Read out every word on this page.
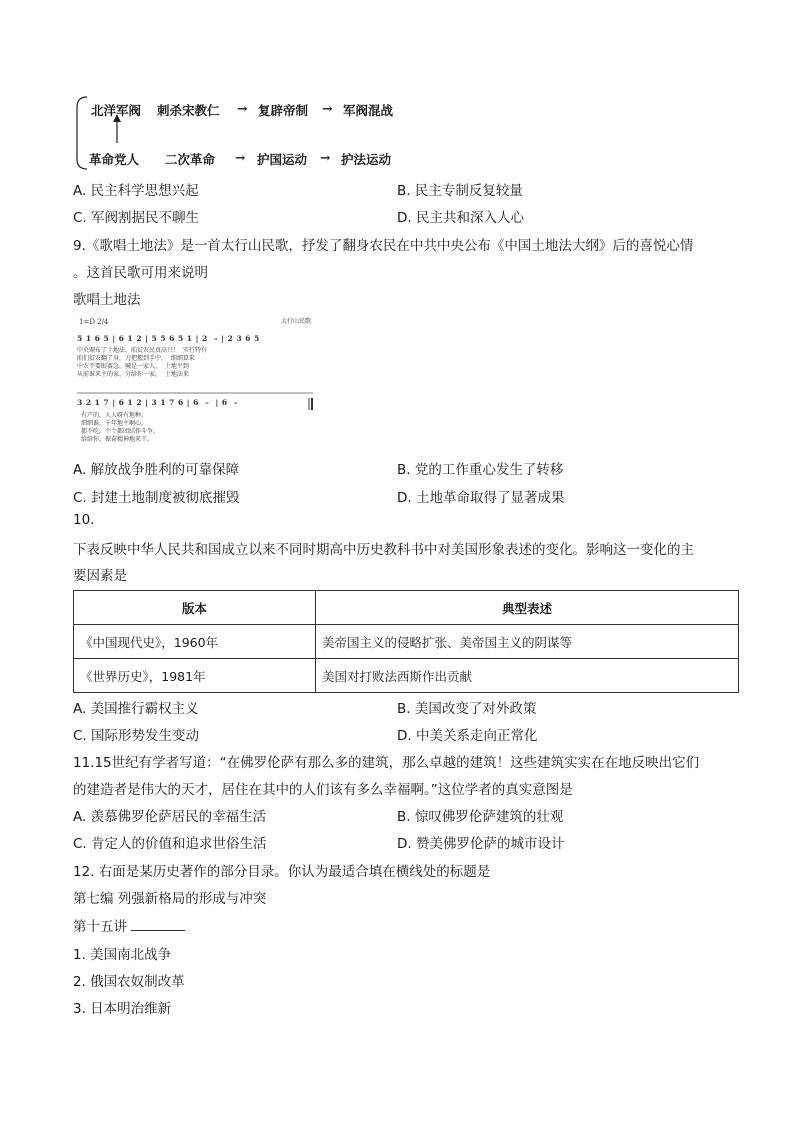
北洋军阀 刺杀宋教仁 → 复辟帝制 → 军阀混战
革命党人 二次革命 → 护国运动 → 护法运动
A. 民主科学思想兴起	B. 民主专制反复较量
C. 军阀割据民不聊生	D. 民主共和深入人心
9.《歌唱土地法》是一首太行山民歌，抒发了翻身农民在中共中央公布《中国土地法大纲》后的喜悦心情
。这首民歌可用来说明
歌唱土地法
1=D 2/4	太行山民歌
5 1 6 5 | 6 1 2 | 5 5 6 5 1 | 2  – | 2 3 6 5
中央颁布了土地法，咱贫农民真高兴！  实行特有
咱们贫农翻了身，刀把握到手中，  细细算来
中农不要眼赛急，喊是一家人，  土地平到
从前谁来主的家，分给你一家，  土地法来
3 2 1 7 | 6 1 2 | 3 1 7 6 | 6  –  | 6  –
有产的，人人呀有地种。
细细谁，千年地主啊心，
都不吃，个个都团结作斗争，
给给你，振奋精神地来干。
A. 解放战争胜利的可靠保障	B. 党的工作重心发生了转移
C. 封建土地制度被彻底摧毁	D. 土地革命取得了显著成果
10.
下表反映中华人民共和国成立以来不同时期高中历史教科书中对美国形象表述的变化。影响这一变化的主
要因素是
版本	典型表述
《中国现代史》，1960年	美帝国主义的侵略扩张、美帝国主义的阴谋等
《世界历史》，1981年	美国对打败法西斯作出贡献
A. 美国推行霸权主义	B. 美国改变了对外政策
C. 国际形势发生变动	D. 中美关系走向正常化
11.15世纪有学者写道：“在佛罗伦萨有那么多的建筑，那么卓越的建筑！这些建筑实实在在地反映出它们
的建造者是伟大的天才，居住在其中的人们该有多么幸福啊。”这位学者的真实意图是
A. 羡慕佛罗伦萨居民的幸福生活	B. 惊叹佛罗伦萨建筑的壮观
C. 肯定人的价值和追求世俗生活	D. 赞美佛罗伦萨的城市设计
12. 右面是某历史著作的部分目录。你认为最适合填在横线处的标题是
第七编 列强新格局的形成与冲突
第十五讲
1. 美国南北战争
2. 俄国农奴制改革
3. 日本明治维新
